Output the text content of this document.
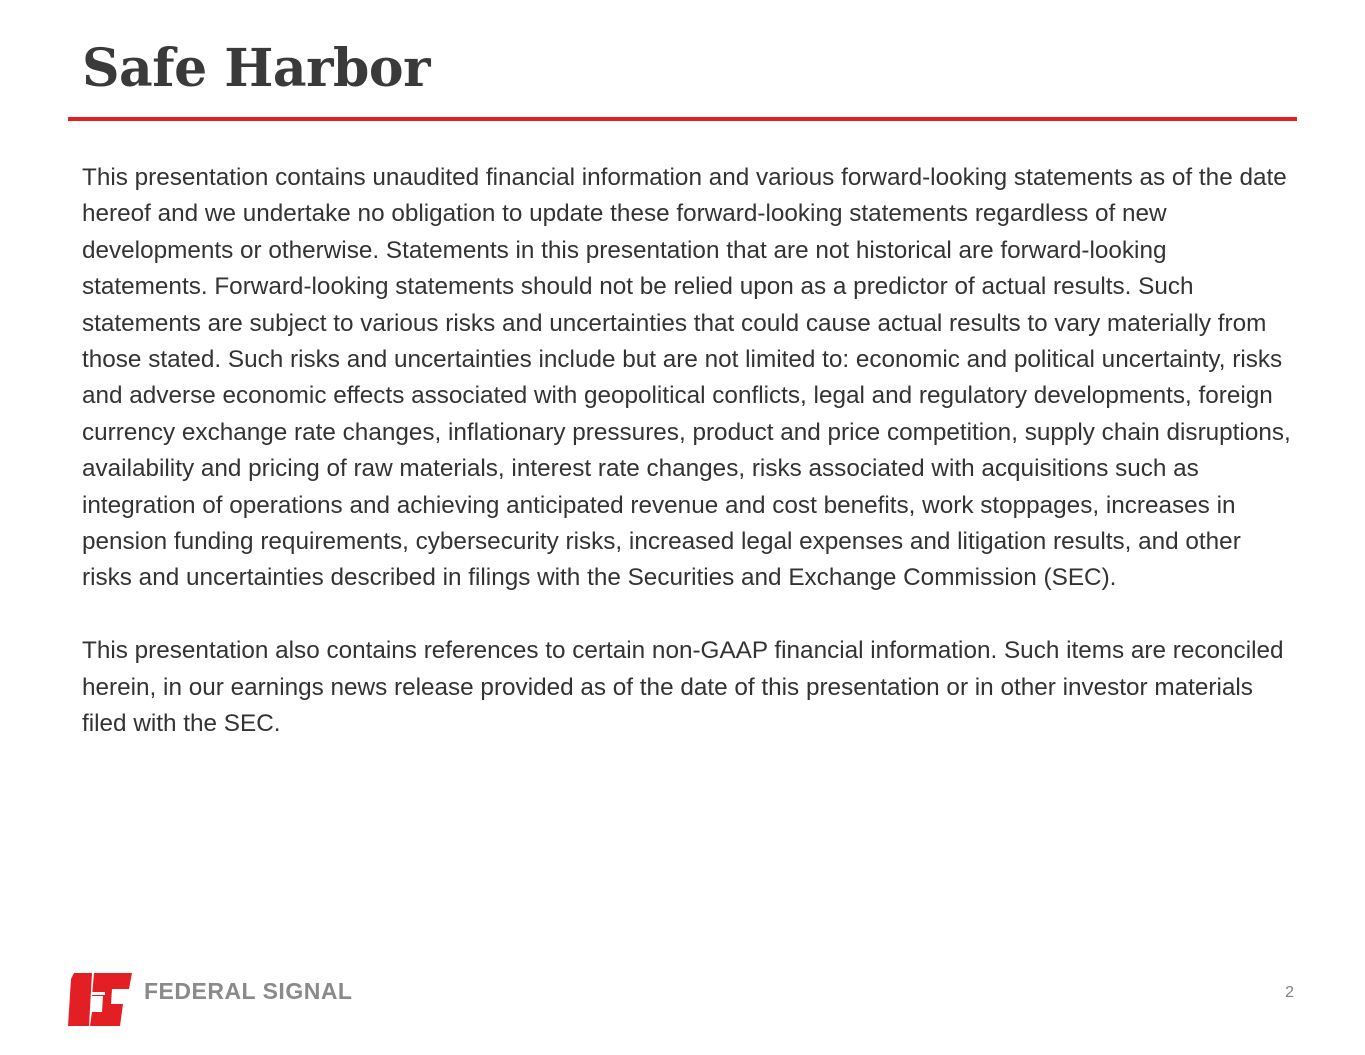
Safe Harbor

This presentation contains unaudited financial information and various forward-looking statements as of the date hereof and we undertake no obligation to update these forward-looking statements regardless of new developments or otherwise. Statements in this presentation that are not historical are forward-looking statements. Forward-looking statements should not be relied upon as a predictor of actual results. Such statements are subject to various risks and uncertainties that could cause actual results to vary materially from those stated. Such risks and uncertainties include but are not limited to: economic and political uncertainty, risks and adverse economic effects associated with geopolitical conflicts, legal and regulatory developments, foreign currency exchange rate changes, inflationary pressures, product and price competition, supply chain disruptions, availability and pricing of raw materials, interest rate changes, risks associated with acquisitions such as integration of operations and achieving anticipated revenue and cost benefits, work stoppages, increases in pension funding requirements, cybersecurity risks, increased legal expenses and litigation results, and other risks and uncertainties described in filings with the Securities and Exchange Commission (SEC).

This presentation also contains references to certain non-GAAP financial information. Such items are reconciled herein, in our earnings news release provided as of the date of this presentation or in other investor materials filed with the SEC.

FEDERAL SIGNAL	2
